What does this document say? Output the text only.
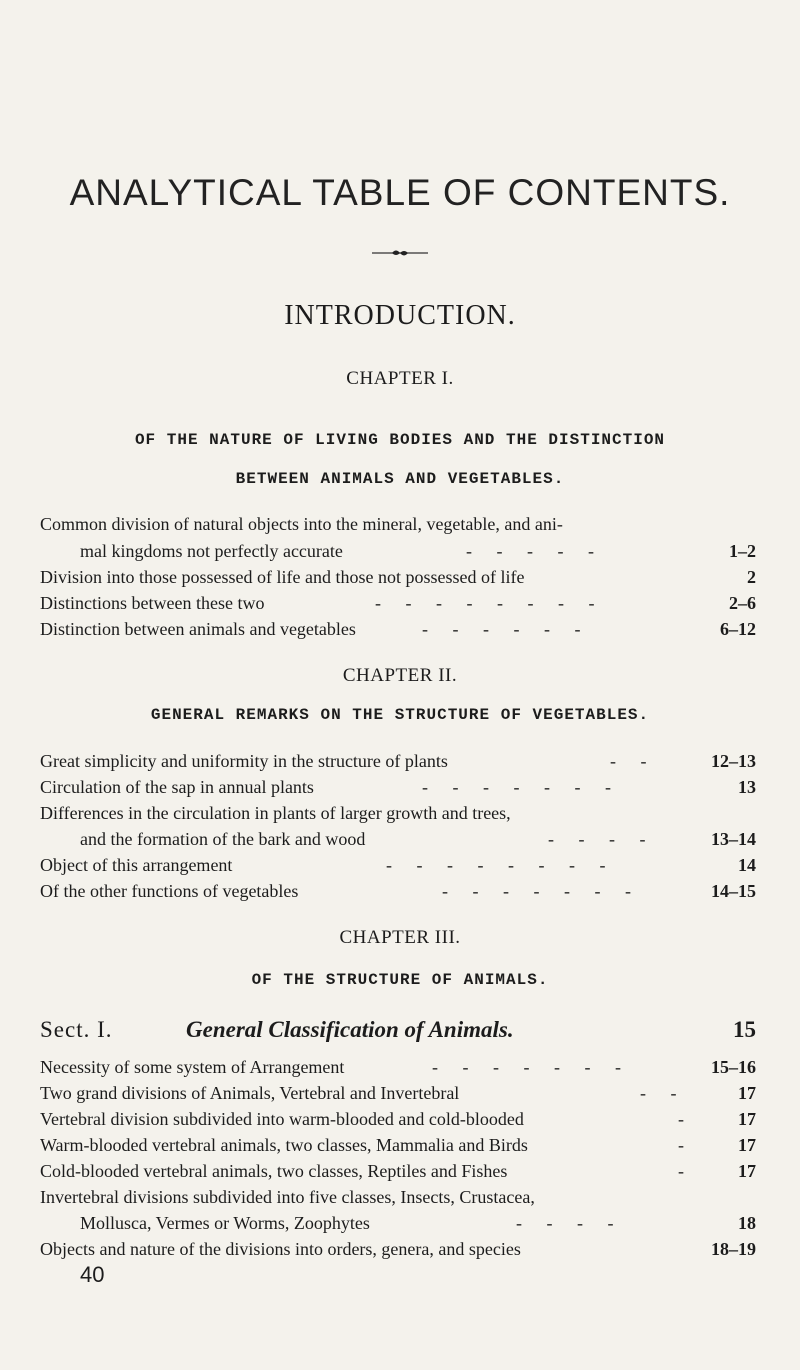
ANALYTICAL TABLE OF CONTENTS.
INTRODUCTION.
CHAPTER I.
OF THE NATURE OF LIVING BODIES AND THE DISTINCTION
BETWEEN ANIMALS AND VEGETABLES.
Common division of natural objects into the mineral, vegetable, and ani-
mal kingdoms not perfectly accurate	- - - - -	1–2
Division into those possessed of life and those not possessed of life	2
Distinctions between these two	- - - - - - - -	2–6
Distinction between animals and vegetables	- - - - - -	6–12
CHAPTER II.
GENERAL REMARKS ON THE STRUCTURE OF VEGETABLES.
Great simplicity and uniformity in the structure of plants	- -	12–13
Circulation of the sap in annual plants	- - - - - - -	13
Differences in the circulation in plants of larger growth and trees,
and the formation of the bark and wood	- - - -	13–14
Object of this arrangement	- - - - - - - -	14
Of the other functions of vegetables	- - - - - - -	14–15
CHAPTER III.
OF THE STRUCTURE OF ANIMALS.
Sect. I.	General Classification of Animals.	15
Necessity of some system of Arrangement	- - - - - - -	15–16
Two grand divisions of Animals, Vertebral and Invertebral	- -	17
Vertebral division subdivided into warm-blooded and cold-blooded	- 17
Warm-blooded vertebral animals, two classes, Mammalia and Birds	- 17
Cold-blooded vertebral animals, two classes, Reptiles and Fishes	- 17
Invertebral divisions subdivided into five classes, Insects, Crustacea,
Mollusca, Vermes or Worms, Zoophytes	- - - -	18
Objects and nature of the divisions into orders, genera, and species	18–19
40
